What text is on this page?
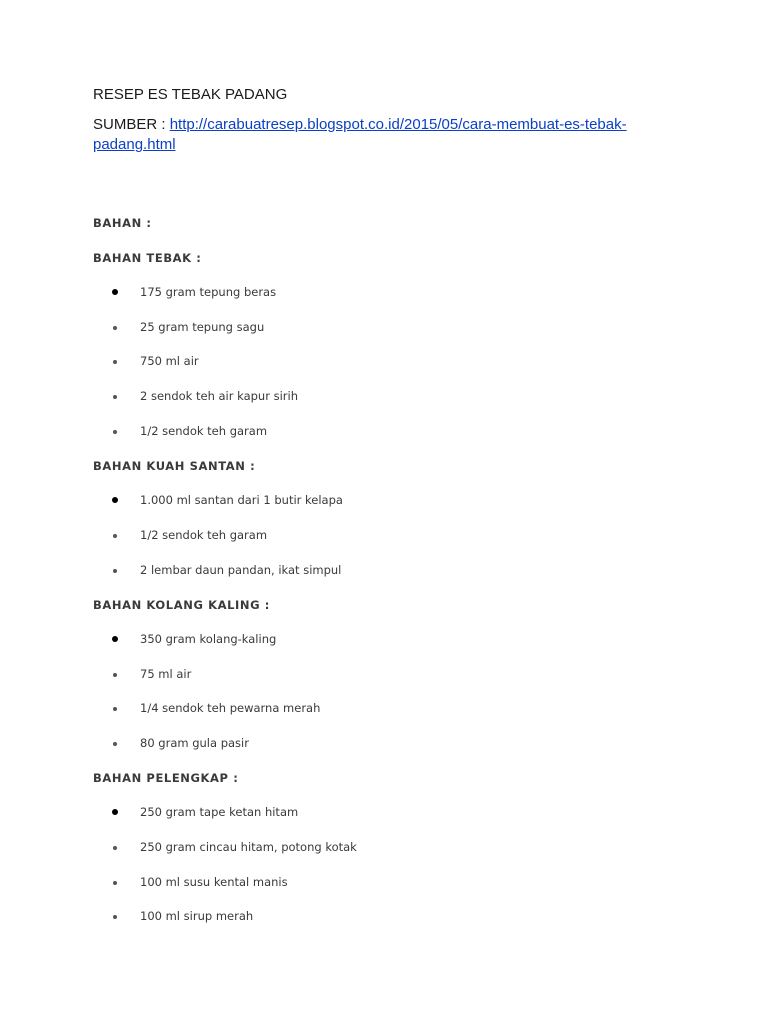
RESEP ES TEBAK PADANG
SUMBER : http://carabuatresep.blogspot.co.id/2015/05/cara-membuat-es-tebak-padang.html
BAHAN :
BAHAN TEBAK :
175 gram tepung beras
25 gram tepung sagu
750 ml air
2 sendok teh air kapur sirih
1/2 sendok teh garam
BAHAN KUAH SANTAN :
1.000 ml santan dari 1 butir kelapa
1/2 sendok teh garam
2 lembar daun pandan, ikat simpul
BAHAN KOLANG KALING :
350 gram kolang-kaling
75 ml air
1/4 sendok teh pewarna merah
80 gram gula pasir
BAHAN PELENGKAP :
250 gram tape ketan hitam
250 gram cincau hitam, potong kotak
100 ml susu kental manis
100 ml sirup merah
